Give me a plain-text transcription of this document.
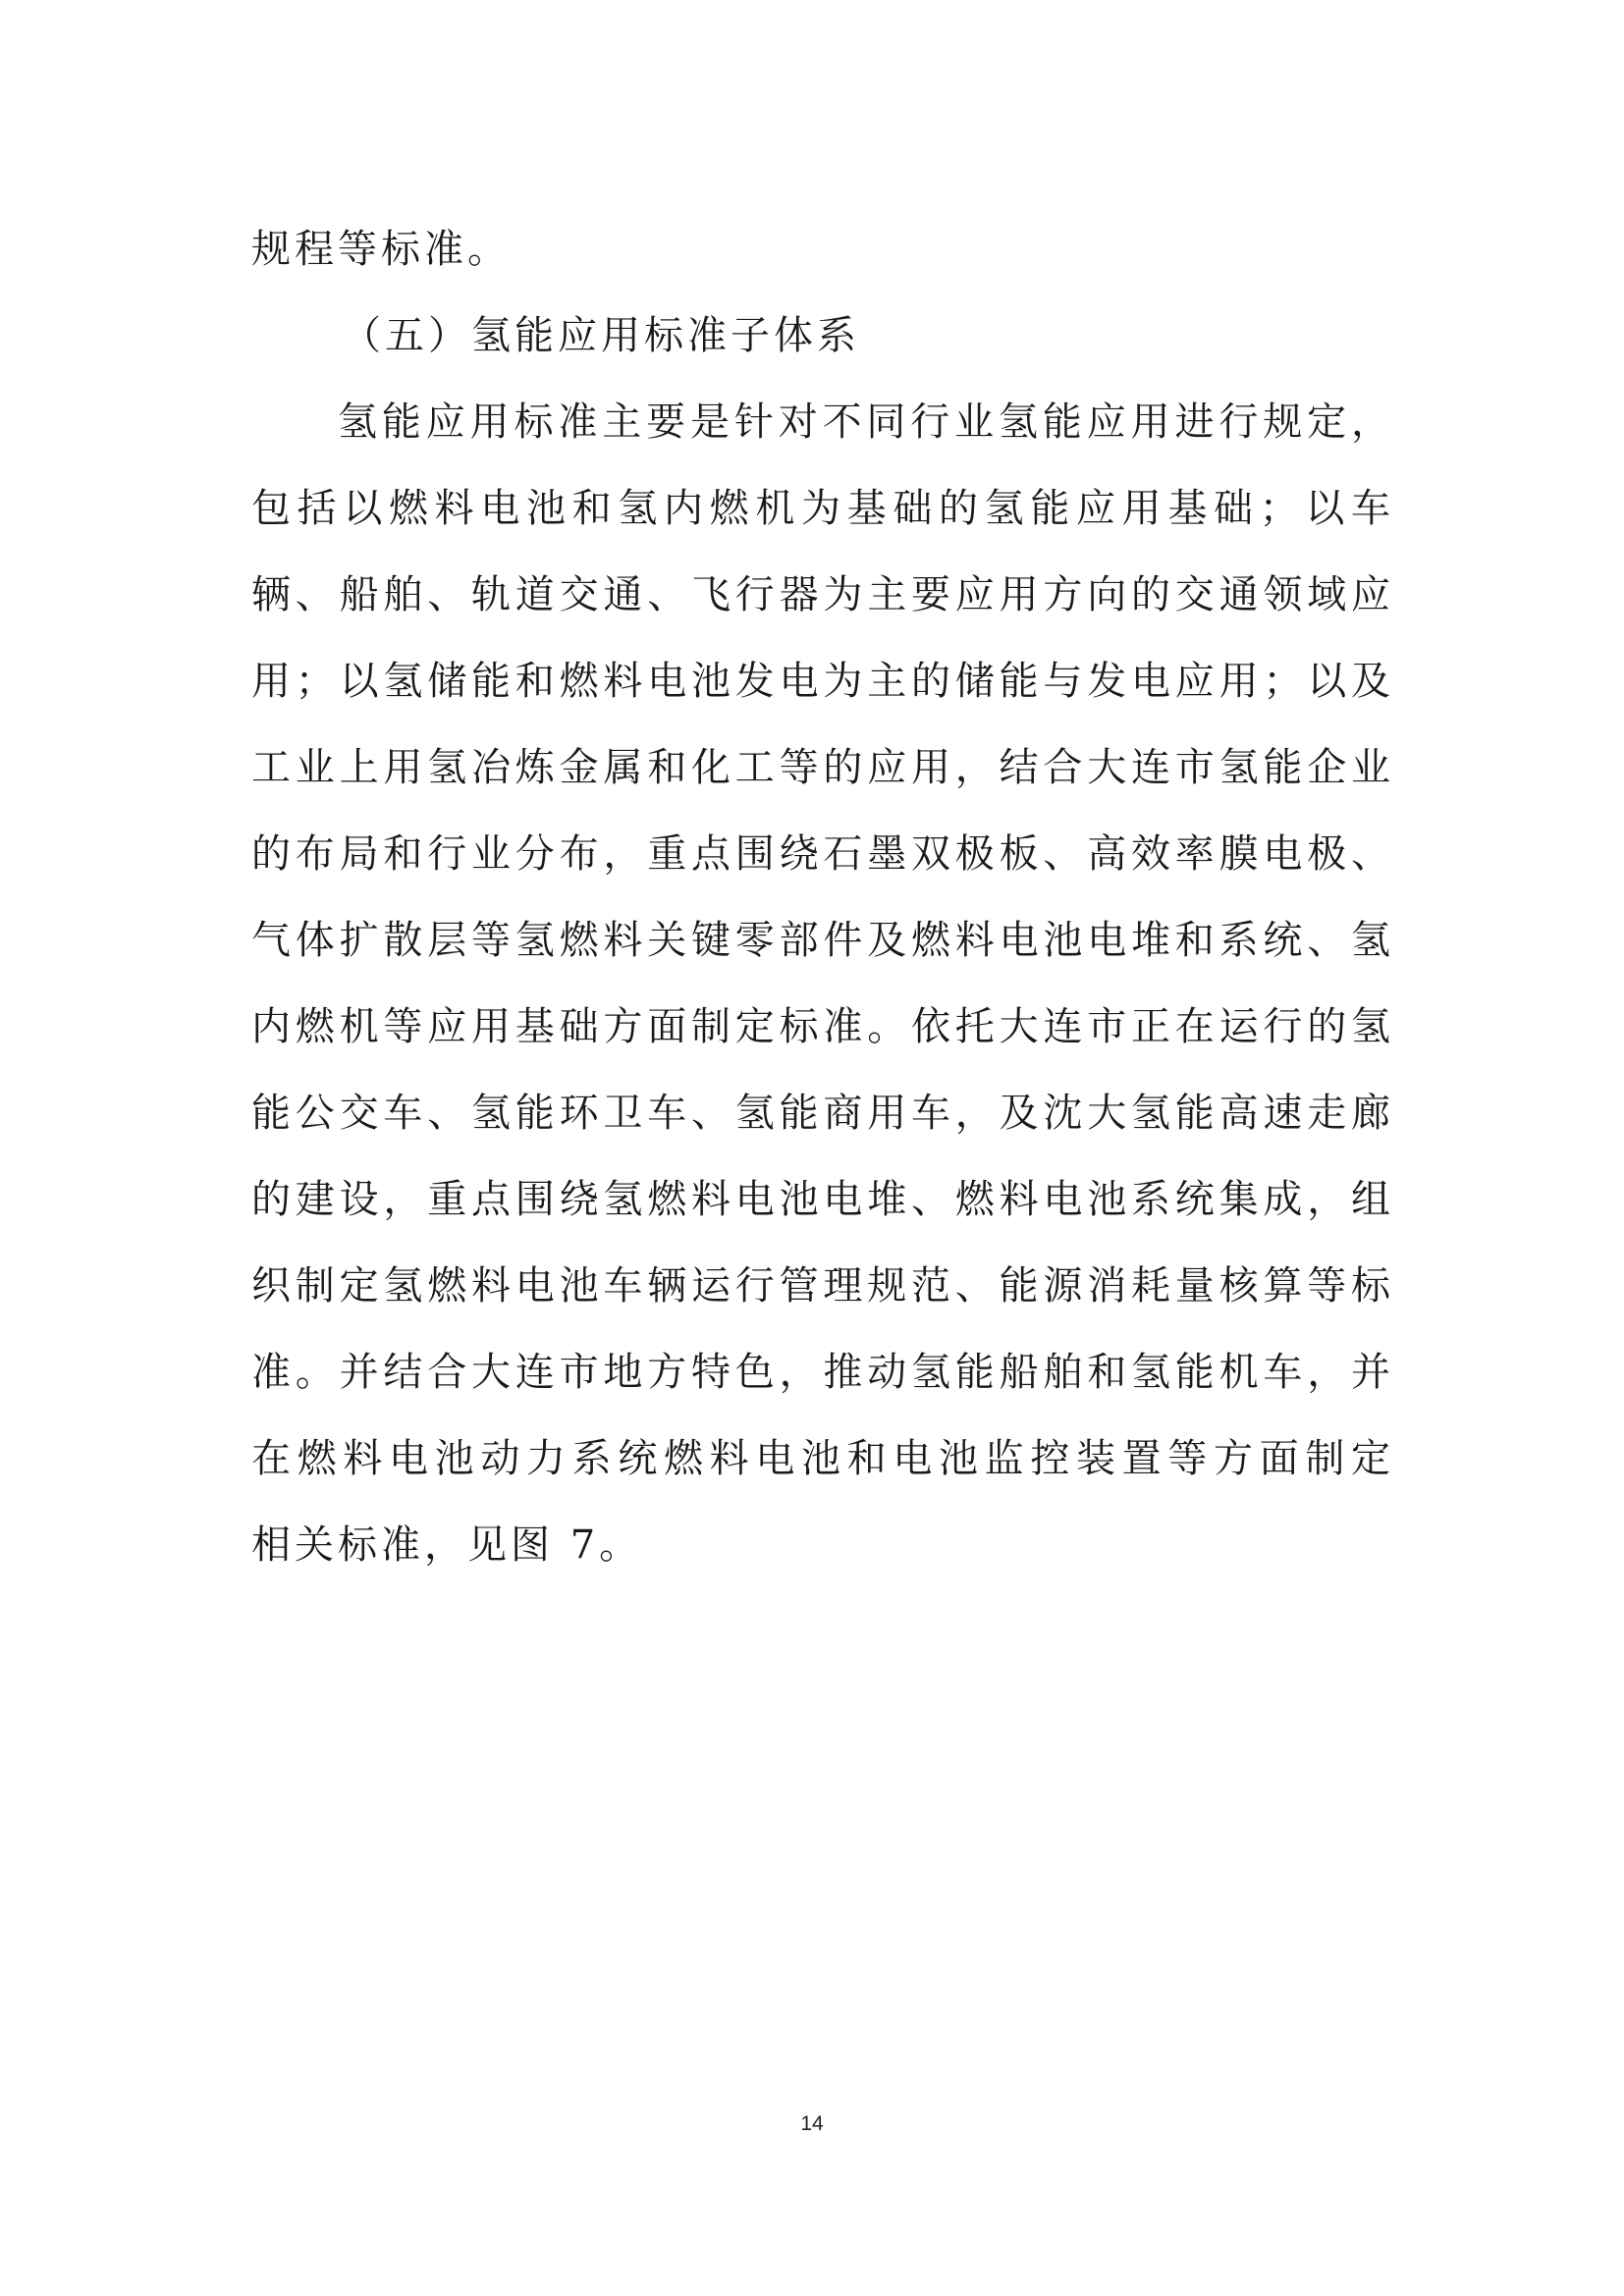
规程等标准。
（五）氢能应用标准子体系
氢能应用标准主要是针对不同行业氢能应用进行规定，
包括以燃料电池和氢内燃机为基础的氢能应用基础；以车
辆、船舶、轨道交通、飞行器为主要应用方向的交通领域应
用；以氢储能和燃料电池发电为主的储能与发电应用；以及
工业上用氢冶炼金属和化工等的应用，结合大连市氢能企业
的布局和行业分布，重点围绕石墨双极板、高效率膜电极、
气体扩散层等氢燃料关键零部件及燃料电池电堆和系统、氢
内燃机等应用基础方面制定标准。依托大连市正在运行的氢
能公交车、氢能环卫车、氢能商用车，及沈大氢能高速走廊
的建设，重点围绕氢燃料电池电堆、燃料电池系统集成，组
织制定氢燃料电池车辆运行管理规范、能源消耗量核算等标
准。并结合大连市地方特色，推动氢能船舶和氢能机车，并
在燃料电池动力系统燃料电池和电池监控装置等方面制定
相关标准，见图 7。
14
